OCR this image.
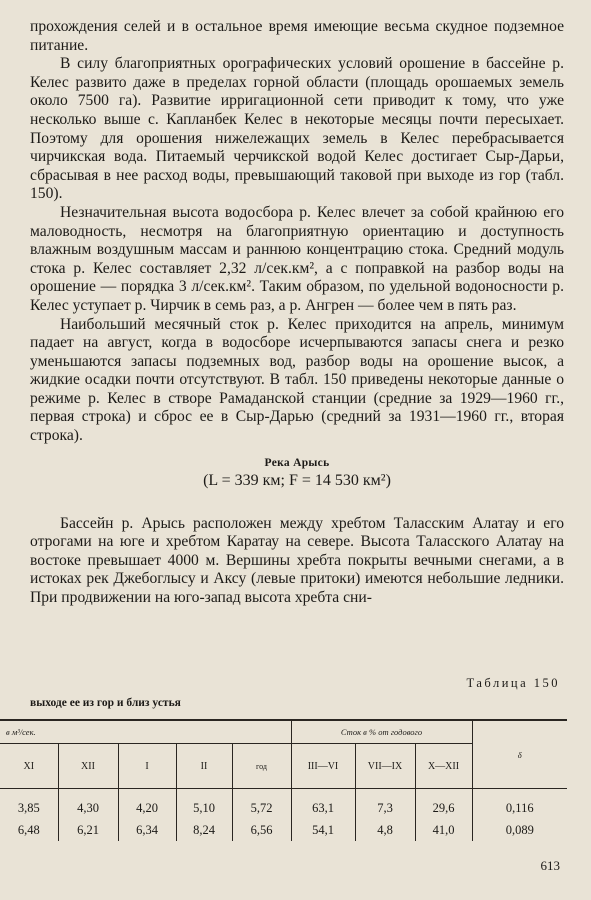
прохождения селей и в остальное время имеющие весьма скудное подземное питание.

В силу благоприятных орографических условий орошение в бассейне р. Келес развито даже в пределах горной области (площадь орошаемых земель около 7500 га). Развитие ирригационной сети приводит к тому, что уже несколько выше с. Капланбек Келес в некоторые месяцы почти пересыхает. Поэтому для орошения нижележащих земель в Келес перебрасывается чирчикская вода. Питаемый черчикской водой Келес достигает Сыр-Дарьи, сбрасывая в нее расход воды, превышающий таковой при выходе из гор (табл. 150).

Незначительная высота водосбора р. Келес влечет за собой крайнюю его маловодность, несмотря на благоприятную ориентацию и доступность влажным воздушным массам и раннюю концентрацию стока. Средний модуль стока р. Келес составляет 2,32 л/сек.км², а с поправкой на разбор воды на орошение — порядка 3 л/сек.км². Таким образом, по удельной водоносности р. Келес уступает р. Чирчик в семь раз, а р. Ангрен — более чем в пять раз.

Наибольший месячный сток р. Келес приходится на апрель, минимум падает на август, когда в водосборе исчерпываются запасы снега и резко уменьшаются запасы подземных вод, разбор воды на орошение высок, а жидкие осадки почти отсутствуют. В табл. 150 приведены некоторые данные о режиме р. Келес в створе Рамаданской станции (средние за 1929—1960 гг., первая строка) и сброс ее в Сыр-Дарью (средний за 1931—1960 гг., вторая строка).

Река Арысь
(L = 339 км; F = 14 530 км²)

Бассейн р. Арысь расположен между хребтом Таласским Алатау и его отрогами на юге и хребтом Каратау на севере. Высота Таласского Алатау на востоке превышает 4000 м. Вершины хребта покрыты вечными снегами, а в истоках рек Джебоглысу и Аксу (левые притоки) имеются небольшие ледники. При продвижении на юго-запад высота хребта сни-

Таблица 150
выходе ее из гор и близ устья
в м³/сек.					Сток в % от годового			δ
XI	XII	I	II	год	III—VI	VII—IX	X—XII	
3,85	4,30	4,20	5,10	5,72	63,1	7,3	29,6	0,116
6,48	6,21	6,34	8,24	6,56	54,1	4,8	41,0	0,089
613
